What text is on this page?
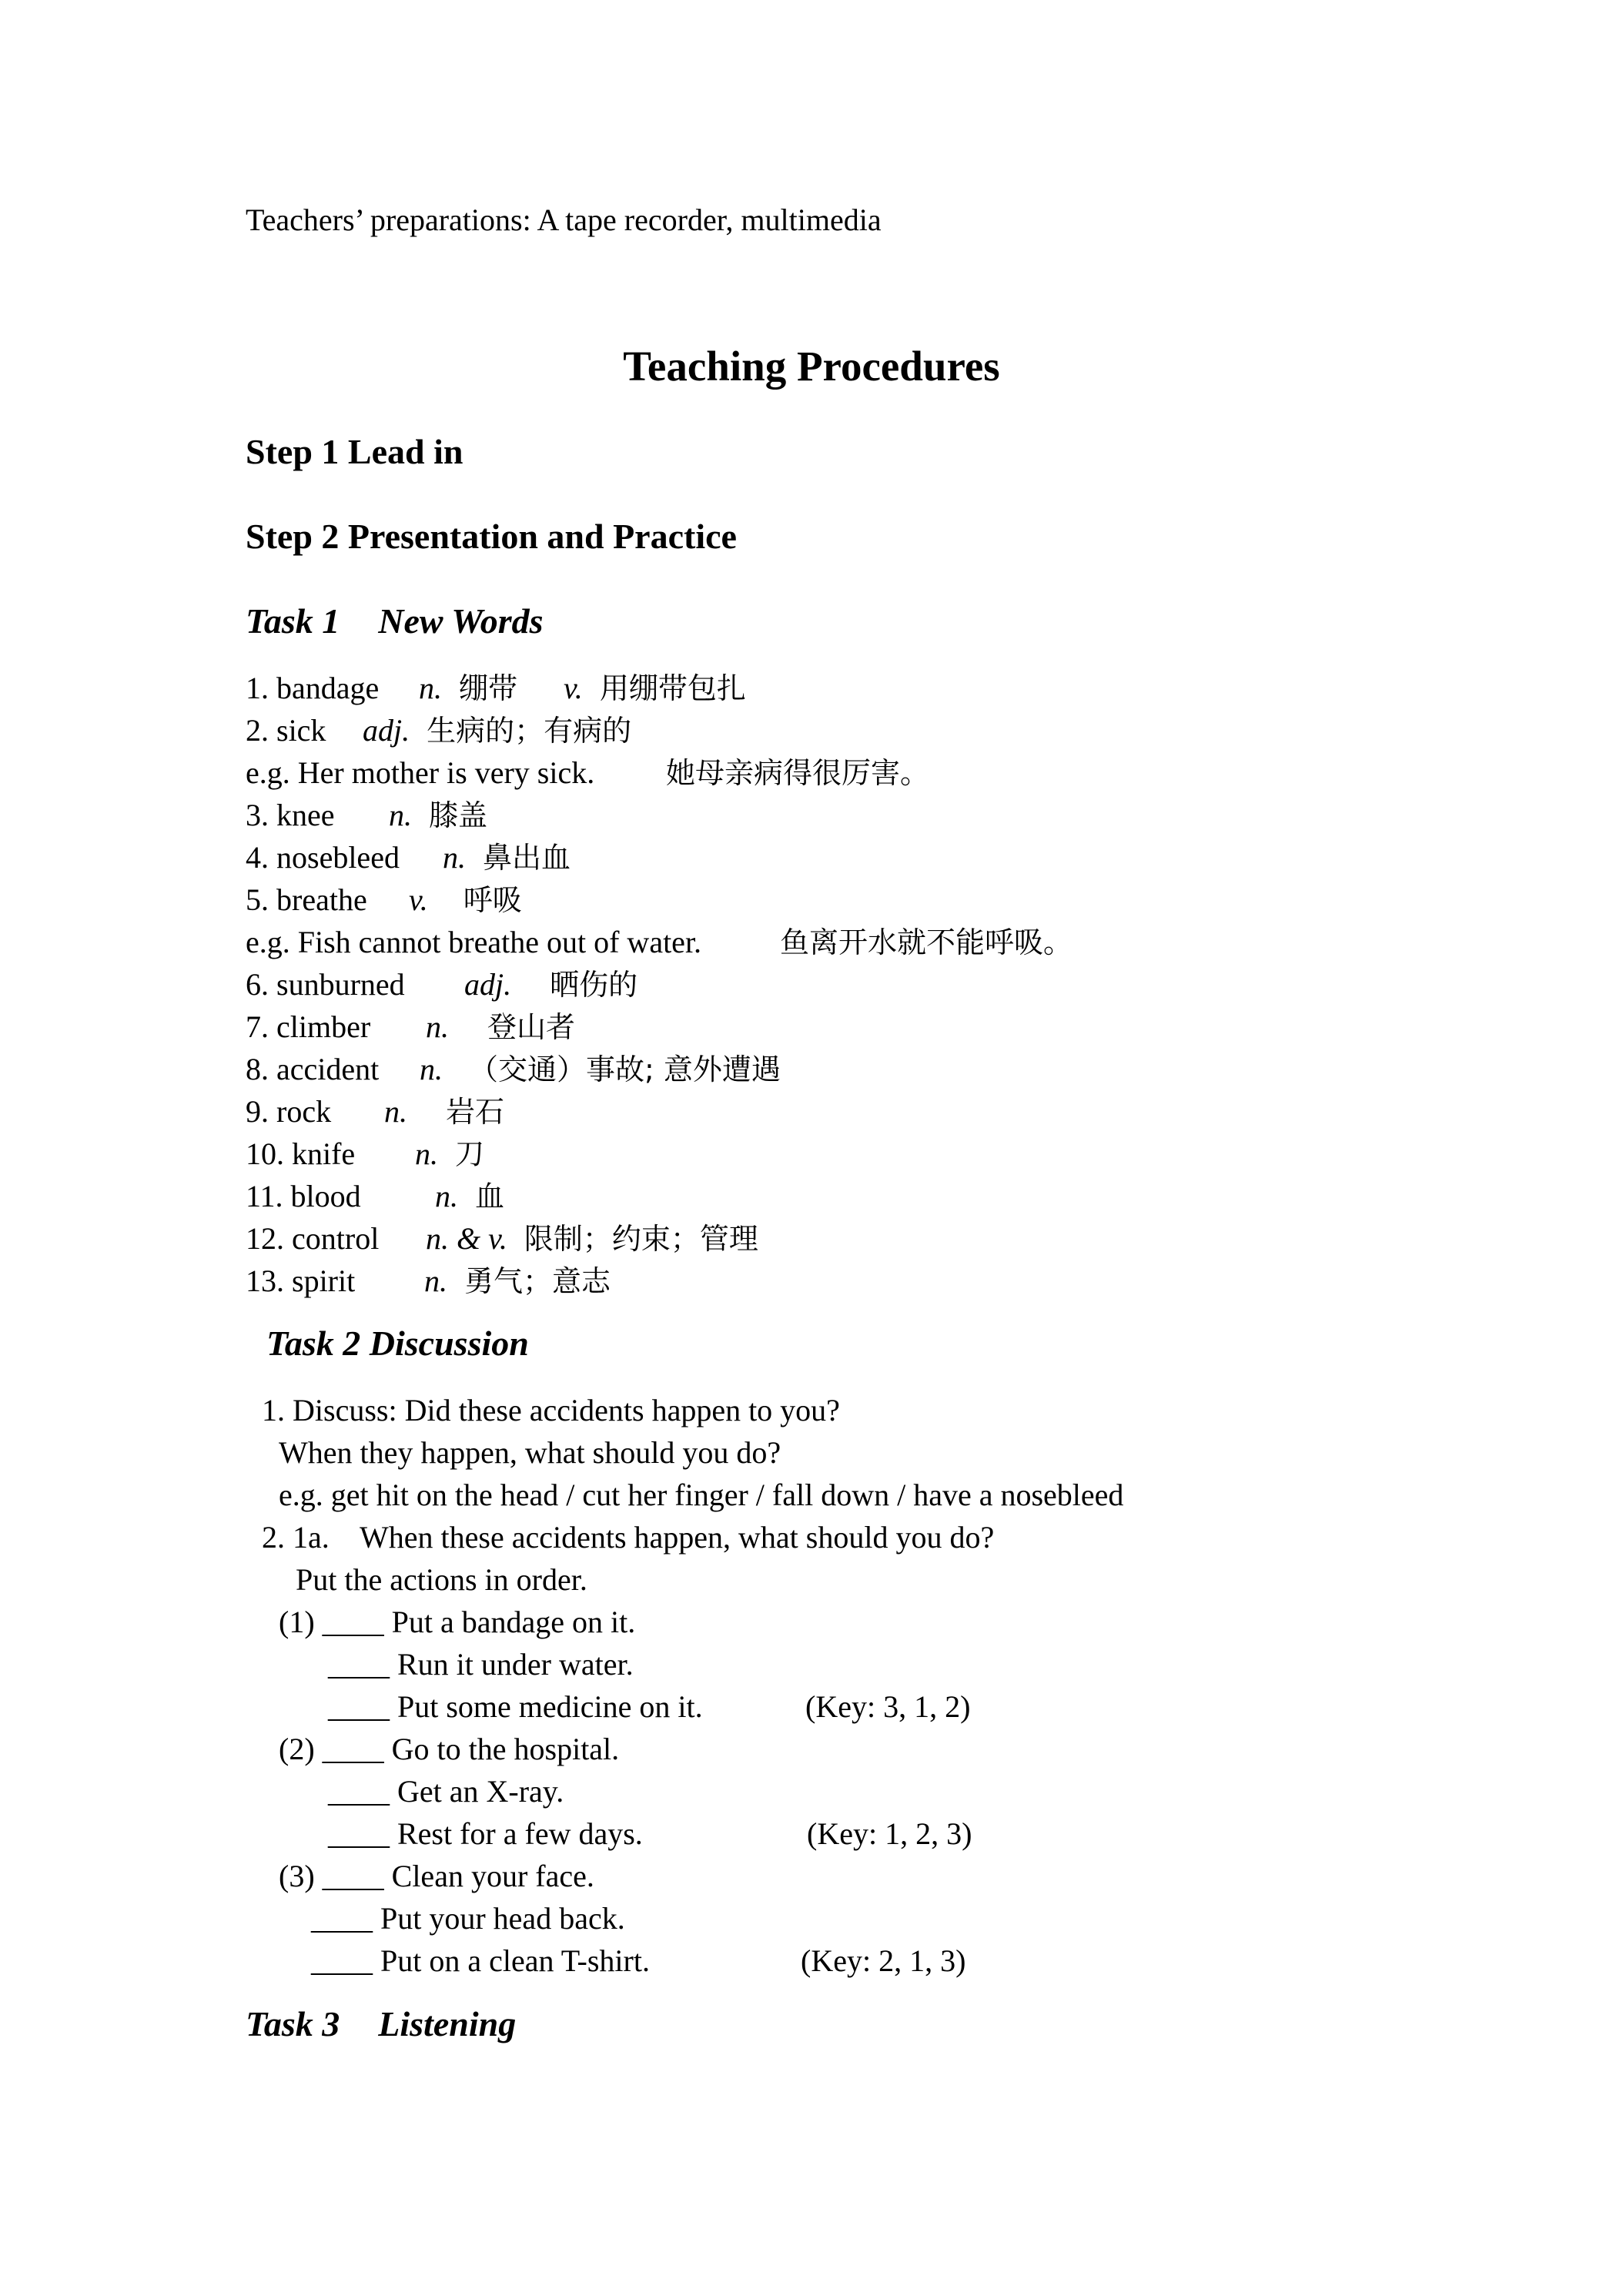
Teachers’ preparations: A tape recorder, multimedia
Teaching Procedures
Step 1 Lead in
Step 2 Presentation and Practice
Task 1 New Words
1. bandage n. 绷带 v. 用绷带包扎
2. sick adj. 生病的；有病的
e.g. Her mother is very sick. 她母亲病得很厉害。
3. knee n. 膝盖
4. nosebleed n. 鼻出血
5. breathe v. 呼吸
e.g. Fish cannot breathe out of water.	鱼离开水就不能呼吸。
6. sunburned adj. 晒伤的
7. climber n. 登山者
8. accident n. （交通）事故; 意外遭遇
9. rock n. 岩石
10. knife n. 刀
11. blood n. 血
12. control n. & v. 限制；约束；管理
13. spirit n. 勇气；意志
Task 2 Discussion
1. Discuss: Did these accidents happen to you?
When they happen, what should you do?
e.g. get hit on the head / cut her finger / fall down / have a nosebleed
2. 1a.    When these accidents happen, what should you do?
Put the actions in order.
(1) ____ Put a bandage on it.
____ Run it under water.
____ Put some medicine on it.	(Key: 3, 1, 2)
(2) ____ Go to the hospital.
____ Get an X-ray.
____ Rest for a few days.	(Key: 1, 2, 3)
(3) ____ Clean your face.
____ Put your head back.
____ Put on a clean T-shirt.	(Key: 2, 1, 3)
Task 3 Listening
